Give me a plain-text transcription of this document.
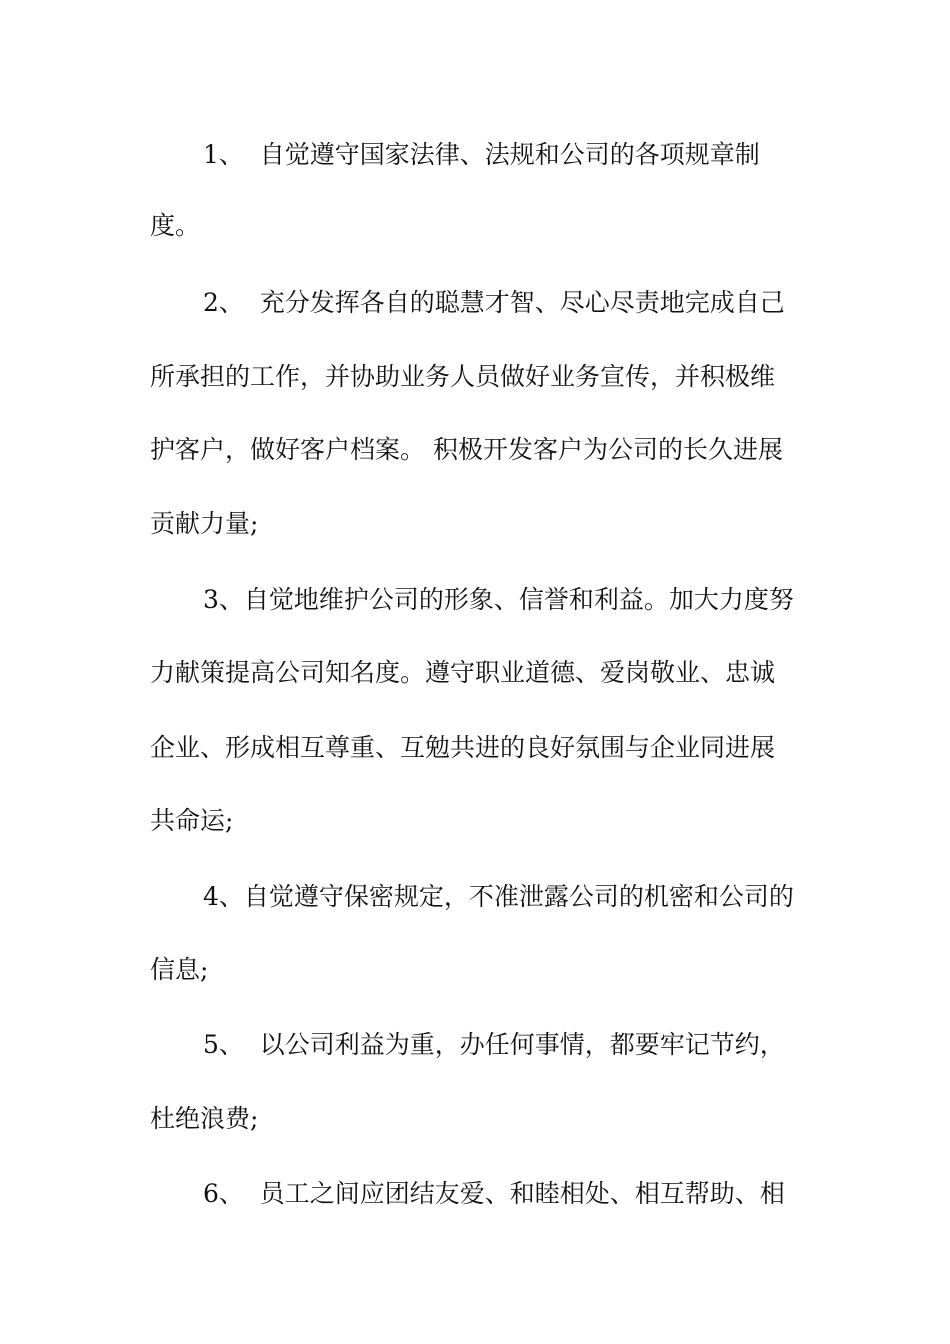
1、  自觉遵守国家法律、法规和公司的各项规章制

度。

2、  充分发挥各自的聪慧才智、尽心尽责地完成自己

所承担的工作，并协助业务人员做好业务宣传，并积极维

护客户，做好客户档案。 积极开发客户为公司的长久进展

贡献力量;

3、自觉地维护公司的形象、信誉和利益。加大力度努

力献策提高公司知名度。遵守职业道德、爱岗敬业、忠诚

企业、形成相互尊重、互勉共进的良好氛围与企业同进展

共命运;

4、自觉遵守保密规定，不准泄露公司的机密和公司的

信息;

5、  以公司利益为重，办任何事情，都要牢记节约，

杜绝浪费;

6、  员工之间应团结友爱、和睦相处、相互帮助、相
